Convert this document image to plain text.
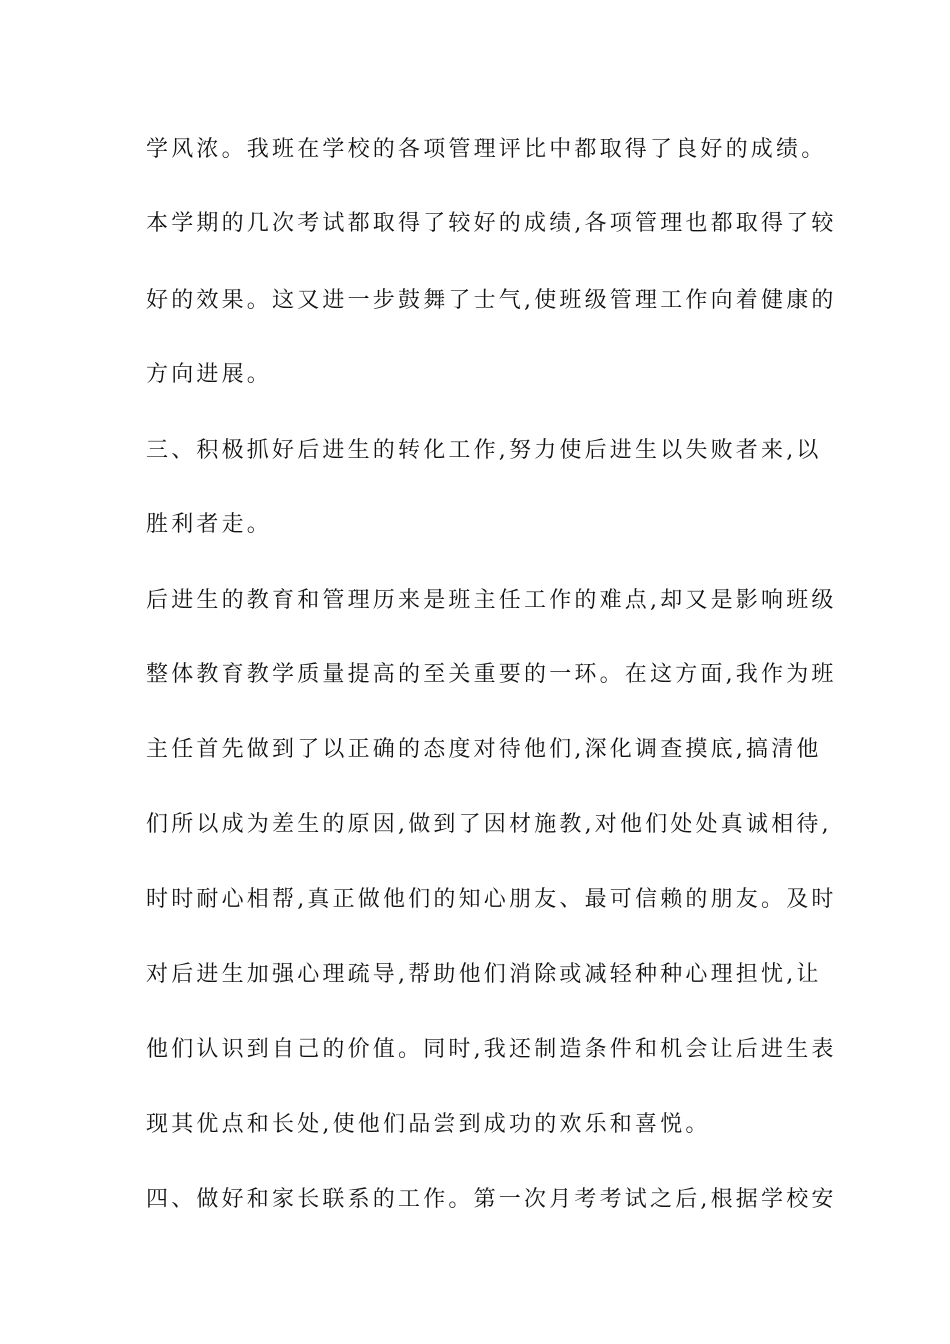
学风浓。我班在学校的各项管理评比中都取得了良好的成绩。
本学期的几次考试都取得了较好的成绩,各项管理也都取得了较
好的效果。这又进一步鼓舞了士气,使班级管理工作向着健康的
方向进展。
三、积极抓好后进生的转化工作,努力使后进生以失败者来,以
胜利者走。
后进生的教育和管理历来是班主任工作的难点,却又是影响班级
整体教育教学质量提高的至关重要的一环。在这方面,我作为班
主任首先做到了以正确的态度对待他们,深化调查摸底,搞清他
们所以成为差生的原因,做到了因材施教,对他们处处真诚相待,
时时耐心相帮,真正做他们的知心朋友、最可信赖的朋友。及时
对后进生加强心理疏导,帮助他们消除或减轻种种心理担忧,让
他们认识到自己的价值。同时,我还制造条件和机会让后进生表
现其优点和长处,使他们品尝到成功的欢乐和喜悦。
四、做好和家长联系的工作。第一次月考考试之后,根据学校安
